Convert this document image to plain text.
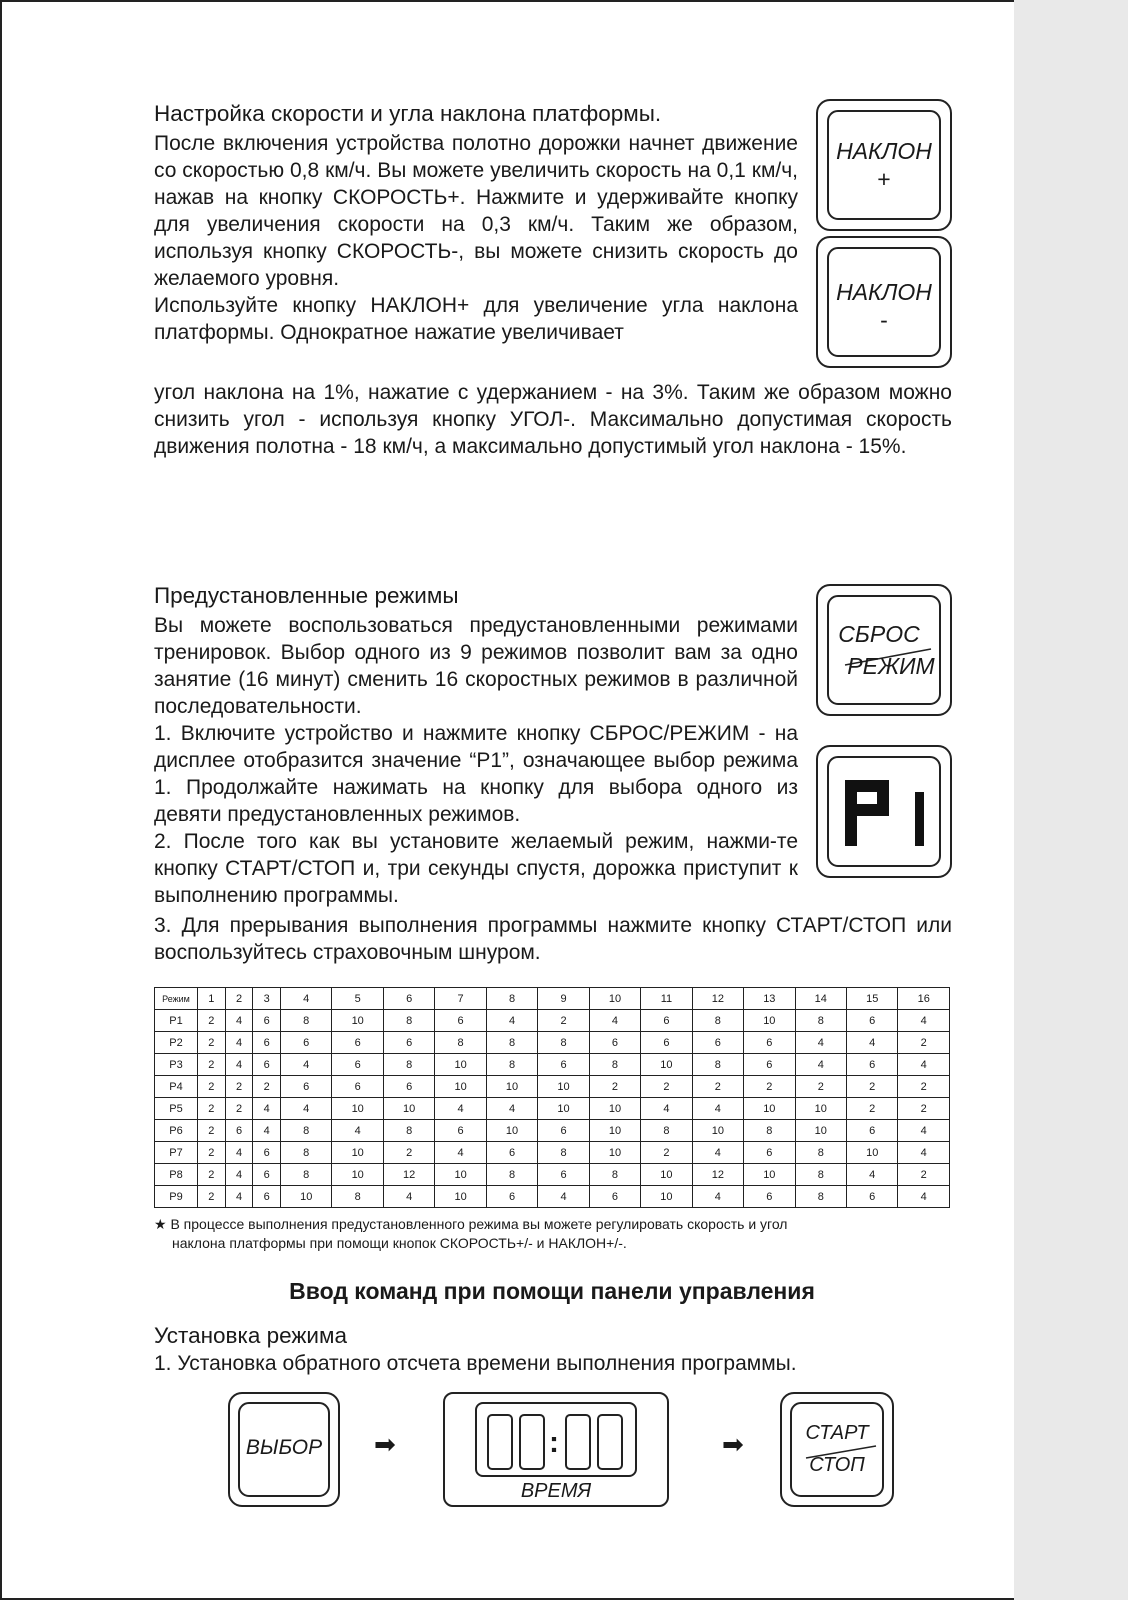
Настройка скорости и угла наклона платформы.

После включения устройства полотно дорожки начнет движение со скоростью 0,8 км/ч. Вы можете увеличить скорость на 0,1 км/ч, нажав на кнопку СКОРОСТЬ+. Нажмите и удерживайте кнопку для увеличения скорости на 0,3 км/ч. Таким же образом, используя кнопку СКОРОСТЬ-, вы можете снизить скорость до желаемого уровня.

Используйте кнопку НАКЛОН+ для увеличение угла наклона платформы. Однократное нажатие увеличивает

угол наклона на 1%, нажатие с удержанием - на 3%. Таким же образом можно снизить угол - используя кнопку УГОЛ-. Максимально допустимая скорость движения полотна - 18 км/ч, а максимально допустимый угол наклона - 15%.
НАКЛОН
+
НАКЛОН
-
Предустановленные режимы

Вы можете воспользоваться предустановленными режимами тренировок. Выбор одного из 9 режимов позволит вам за одно занятие (16 минут) сменить 16 скоростных режимов в различной последовательности.

1. Включите устройство и нажмите кнопку СБРОС/РЕЖИМ - на дисплее отобразится значение “P1”, означающее выбор режима 1. Продолжайте нажимать на кнопку для выбора одного из девяти предустановленных режимов.

2. После того как вы установите желаемый режим, нажми-те кнопку СТАРТ/СТОП и, три секунды спустя, дорожка приступит к выполнению программы.

3. Для прерывания выполнения программы нажмите кнопку СТАРТ/СТОП или воспользуйтесь страховочным шнуром.
СБРОС
РЕЖИМ
Режим	1	2	3	4	5	6	7	8	9	10	11	12	13	14	15	16
P1	2	4	6	8	10	8	6	4	2	4	6	8	10	8	6	4
P2	2	4	6	6	6	6	8	8	8	6	6	6	6	4	4	2
P3	2	4	6	4	6	8	10	8	6	8	10	8	6	4	6	4
P4	2	2	2	6	6	6	10	10	10	2	2	2	2	2	2	2
P5	2	2	4	4	10	10	4	4	10	10	4	4	10	10	2	2
P6	2	6	4	8	4	8	6	10	6	10	8	10	8	10	6	4
P7	2	4	6	8	10	2	4	6	8	10	2	4	6	8	10	4
P8	2	4	6	8	10	12	10	8	6	8	10	12	10	8	4	2
P9	2	4	6	10	8	4	10	6	4	6	10	4	6	8	6	4
★ В процессе выполнения предустановленного режима вы можете регулировать скорость и угол
наклона платформы при помощи кнопок СКОРОСТЬ+/- и НАКЛОН+/-.
Ввод команд при помощи панели управления
Установка режима
1. Установка обратного отсчета времени выполнения программы.
ВЫБОР ➡	:
ВРЕМЯ
➡	СТАРТ
СТОП
